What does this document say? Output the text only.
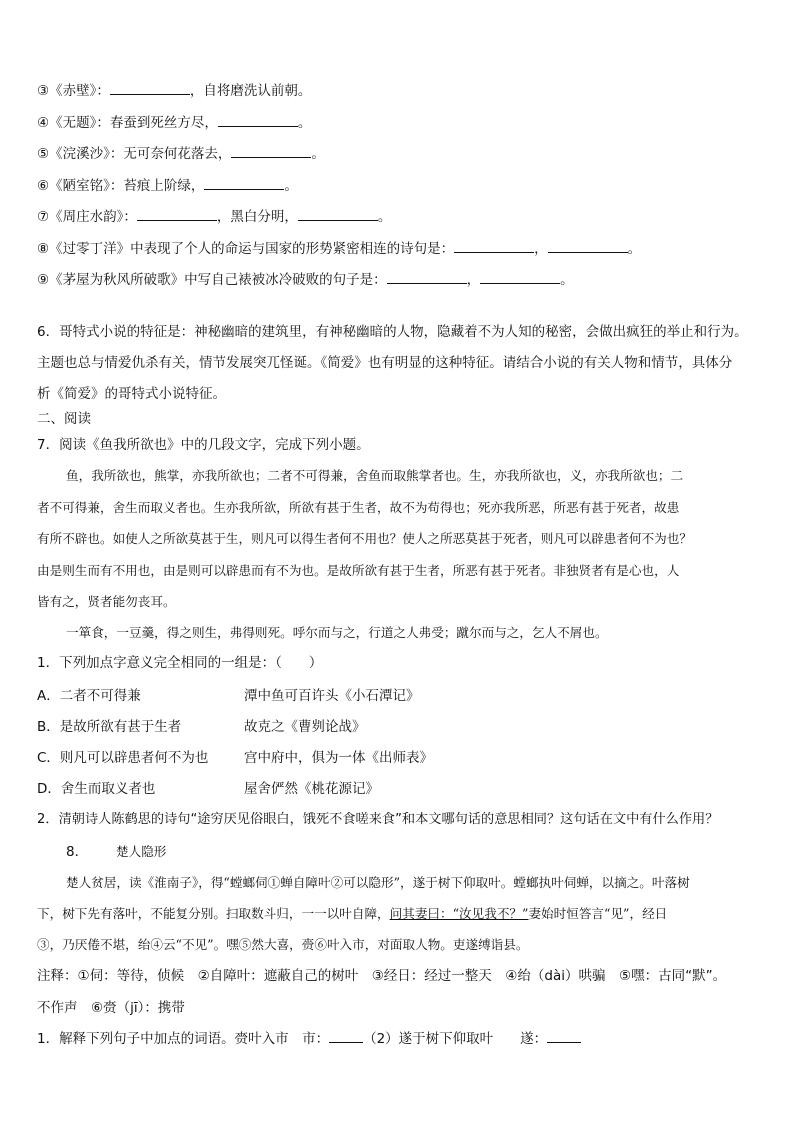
③《赤壁》：	，自将磨洗认前朝。
④《无题》：春蚕到死丝方尽，	。
⑤《浣溪沙》：无可奈何花落去，	。
⑥《陋室铭》：苔痕上阶绿，	。
⑦《周庄水韵》：	，黑白分明，	。
⑧《过零丁洋》中表现了个人的命运与国家的形势紧密相连的诗句是：	，	。
⑨《茅屋为秋风所破歌》中写自己裱被冰冷破败的句子是：	，	。
6．哥特式小说的特征是：神秘幽暗的建筑里，有神秘幽暗的人物，隐藏着不为人知的秘密，会做出疯狂的举止和行为。
主题也总与情爱仇杀有关，情节发展突兀怪诞。《简爱》也有明显的这种特征。请结合小说的有关人物和情节，具体分
析《简爱》的哥特式小说特征。
二、阅读
7．阅读《鱼我所欲也》中的几段文字，完成下列小题。
鱼，我所欲也，熊掌，亦我所欲也；二者不可得兼，舍鱼而取熊掌者也。生，亦我所欲也，义，亦我所欲也；二
者不可得兼，舍生而取义者也。生亦我所欲，所欲有甚于生者，故不为苟得也；死亦我所恶，所恶有甚于死者，故患
有所不辟也。如使人之所欲莫甚于生，则凡可以得生者何不用也？使人之所恶莫甚于死者，则凡可以辟患者何不为也？
由是则生而有不用也，由是则可以辟患而有不为也。是故所欲有甚于生者，所恶有甚于死者。非独贤者有是心也，人
皆有之，贤者能勿丧耳。
一箪食，一豆羹，得之则生，弗得则死。呼尔而与之，行道之人弗受；蹴尔而与之，乞人不屑也。
1．下列加点字意义完全相同的一组是：（　　）
A．二者不可得兼	潭中鱼可百许头《小石潭记》
B．是故所欲有甚于生者	故克之《曹刿论战》
C．则凡可以辟患者何不为也	宫中府中，俱为一体《出师表》
D．舍生而取义者也	屋舍俨然《桃花源记》
2．清朝诗人陈鹤思的诗句“途穷厌见俗眼白，饿死不食嗟来食”和本文哪句话的意思相同？这句话在文中有什么作用？
8． 楚人隐形
楚人贫居，读《淮南子》，得“螳螂伺①蝉自障叶②可以隐形”，遂于树下仰取叶。螳螂执叶伺蝉，以摘之。叶落树
下，树下先有落叶，不能复分别。扫取数斗归，一一以叶自障，问其妻曰：“汝见我不？”妻始时恒答言“见”，经日
③，乃厌倦不堪，绐④云“不见”。嘿⑤然大喜，赍⑥叶入市，对面取人物。吏遂缚诣县。
注释：①伺：等待，侦候　②自障叶：遮蔽自己的树叶　③经日：经过一整天　④绐（dài）哄骗　⑤嘿：古同“默”。
不作声　⑥赍（jī）：携带
1．解释下列句子中加点的词语。赍叶入市　市：	（2）遂于树下仰取叶　　遂：
